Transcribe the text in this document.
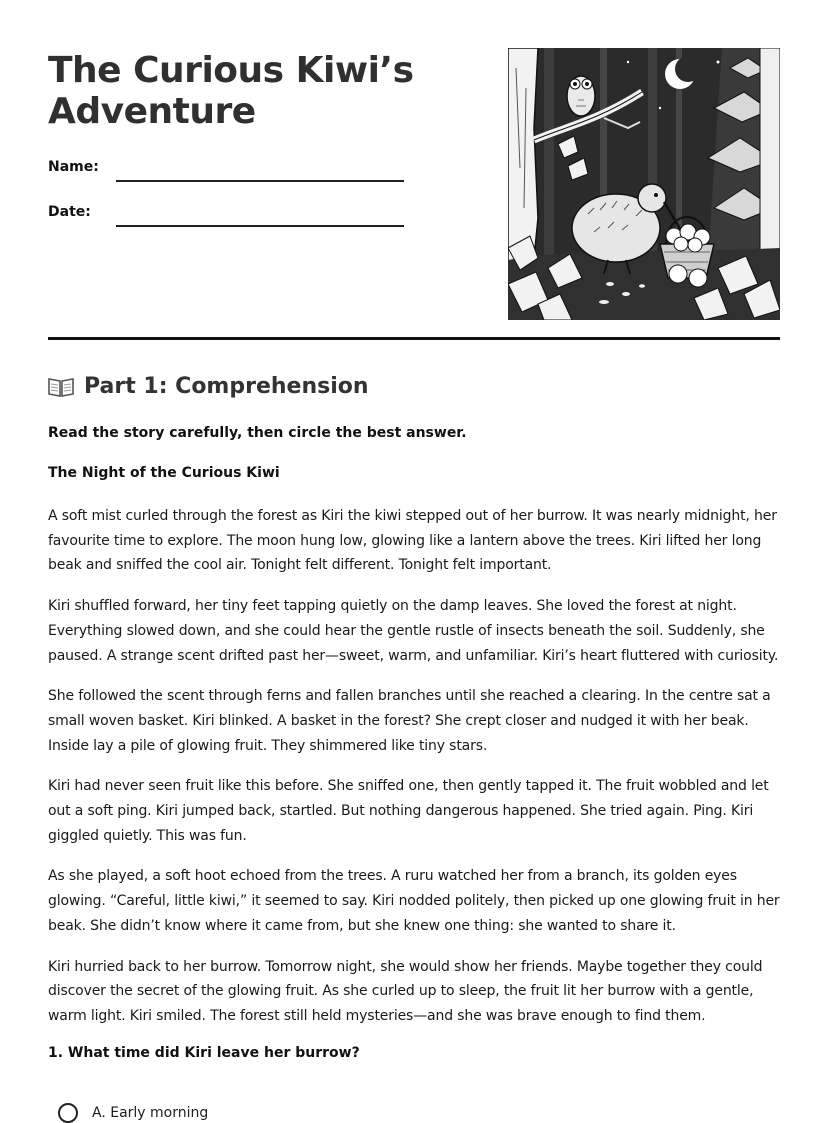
The Curious Kiwi’s Adventure
Name:
Date:
Part 1: Comprehension
Read the story carefully, then circle the best answer.
The Night of the Curious Kiwi

A soft mist curled through the forest as Kiri the kiwi stepped out of her burrow. It was nearly midnight, her favourite time to explore. The moon hung low, glowing like a lantern above the trees. Kiri lifted her long beak and sniffed the cool air. Tonight felt different. Tonight felt important.

Kiri shuffled forward, her tiny feet tapping quietly on the damp leaves. She loved the forest at night. Everything slowed down, and she could hear the gentle rustle of insects beneath the soil. Suddenly, she paused. A strange scent drifted past her—sweet, warm, and unfamiliar. Kiri’s heart fluttered with curiosity.

She followed the scent through ferns and fallen branches until she reached a clearing. In the centre sat a small woven basket. Kiri blinked. A basket in the forest? She crept closer and nudged it with her beak. Inside lay a pile of glowing fruit. They shimmered like tiny stars.

Kiri had never seen fruit like this before. She sniffed one, then gently tapped it. The fruit wobbled and let out a soft ping. Kiri jumped back, startled. But nothing dangerous happened. She tried again. Ping. Kiri giggled quietly. This was fun.

As she played, a soft hoot echoed from the trees. A ruru watched her from a branch, its golden eyes glowing. “Careful, little kiwi,” it seemed to say. Kiri nodded politely, then picked up one glowing fruit in her beak. She didn’t know where it came from, but she knew one thing: she wanted to share it.

Kiri hurried back to her burrow. Tomorrow night, she would show her friends. Maybe together they could discover the secret of the glowing fruit. As she curled up to sleep, the fruit lit her burrow with a gentle, warm light. Kiri smiled. The forest still held mysteries—and she was brave enough to find them.

1. What time did Kiri leave her burrow?
A. Early morning
